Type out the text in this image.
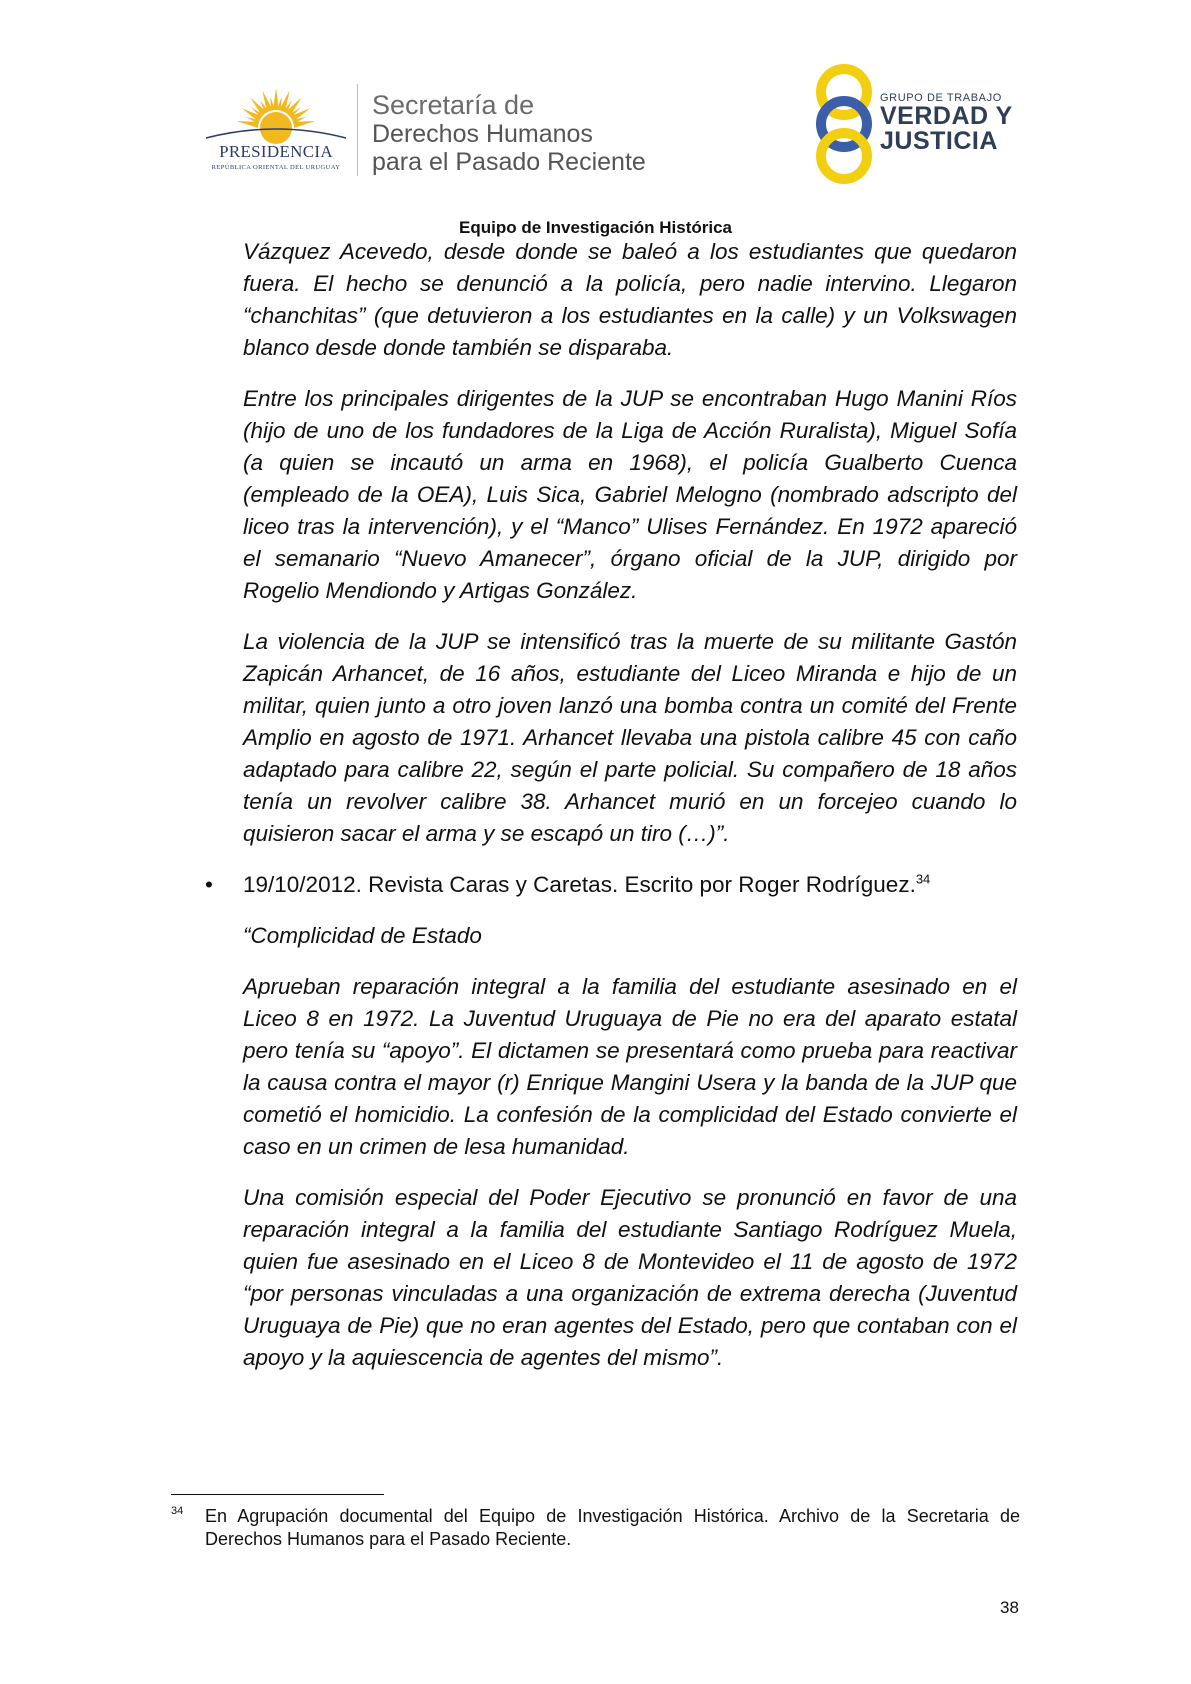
PRESIDENCIA
REPÚBLICA ORIENTAL DEL URUGUAY
Secretaría de
Derechos Humanos
para el Pasado Reciente
GRUPO DE TRABAJO
VERDAD Y
JUSTICIA
Equipo de Investigación Histórica

Vázquez Acevedo, desde donde se baleó a los estudiantes que quedaron fuera. El hecho se denunció a la policía, pero nadie intervino. Llegaron “chanchitas” (que detuvieron a los estudiantes en la calle) y un Volkswagen blanco desde donde también se disparaba.

Entre los principales dirigentes de la JUP se encontraban Hugo Manini Ríos (hijo de uno de los fundadores de la Liga de Acción Ruralista), Miguel Sofía (a quien se incautó un arma en 1968), el policía Gualberto Cuenca (empleado de la OEA), Luis Sica, Gabriel Melogno (nombrado adscripto del liceo tras la intervención), y el “Manco” Ulises Fernández. En 1972 apareció el semanario “Nuevo Amanecer”, órgano oficial de la JUP, dirigido por Rogelio Mendiondo y Artigas González.

La violencia de la JUP se intensificó tras la muerte de su militante Gastón Zapicán Arhancet, de 16 años, estudiante del Liceo Miranda e hijo de un militar, quien junto a otro joven lanzó una bomba contra un comité del Frente Amplio en agosto de 1971. Arhancet llevaba una pistola calibre 45 con caño adaptado para calibre 22, según el parte policial. Su compañero de 18 años tenía un revolver calibre 38. Arhancet murió en un forcejeo cuando lo quisieron sacar el arma y se escapó un tiro (…)”.

• 19/10/2012. Revista Caras y Caretas. Escrito por Roger Rodríguez.$^{34}$

“Complicidad de Estado

Aprueban reparación integral a la familia del estudiante asesinado en el Liceo 8 en 1972. La Juventud Uruguaya de Pie no era del aparato estatal pero tenía su “apoyo”. El dictamen se presentará como prueba para reactivar la causa contra el mayor (r) Enrique Mangini Usera y la banda de la JUP que cometió el homicidio. La confesión de la complicidad del Estado convierte el caso en un crimen de lesa humanidad.

Una comisión especial del Poder Ejecutivo se pronunció en favor de una reparación integral a la familia del estudiante Santiago Rodríguez Muela, quien fue asesinado en el Liceo 8 de Montevideo el 11 de agosto de 1972 “por personas vinculadas a una organización de extrema derecha (Juventud Uruguaya de Pie) que no eran agentes del Estado, pero que contaban con el apoyo y la aquiescencia de agentes del mismo”.

34 En Agrupación documental del Equipo de Investigación Histórica. Archivo de la Secretaria de Derechos Humanos para el Pasado Reciente.
38
